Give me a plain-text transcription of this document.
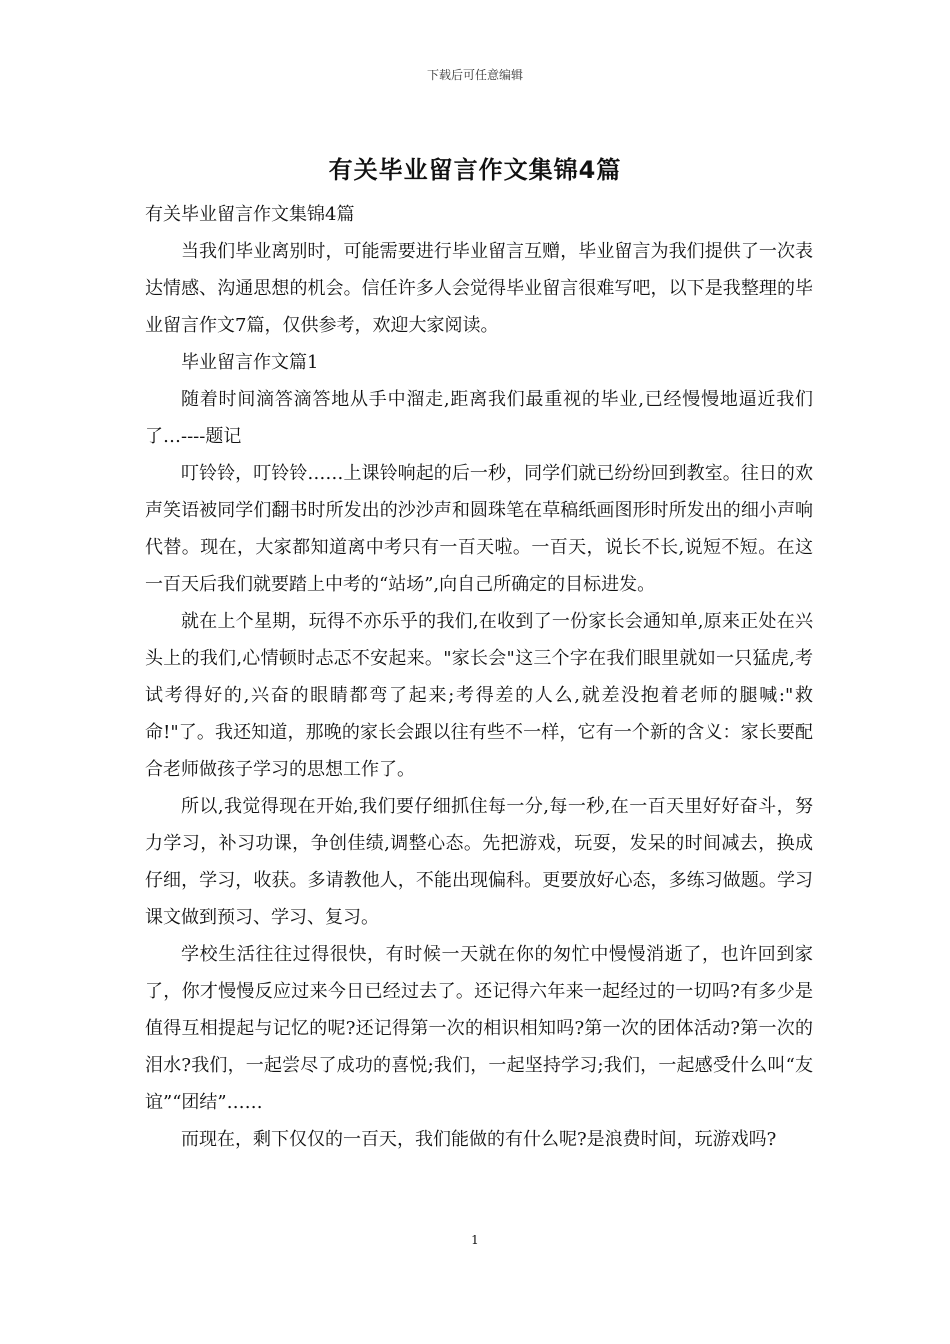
下载后可任意编辑
有关毕业留言作文集锦4篇

有关毕业留言作文集锦4篇

当我们毕业离别时，可能需要进行毕业留言互赠，毕业留言为我们提供了一次表达情感、沟通思想的机会。信任许多人会觉得毕业留言很难写吧，以下是我整理的毕业留言作文7篇，仅供参考，欢迎大家阅读。

毕业留言作文篇1

随着时间滴答滴答地从手中溜走,距离我们最重视的毕业,已经慢慢地逼近我们了…----题记

叮铃铃，叮铃铃……上课铃响起的后一秒，同学们就已纷纷回到教室。往日的欢声笑语被同学们翻书时所发出的沙沙声和圆珠笔在草稿纸画图形时所发出的细小声响代替。现在，大家都知道离中考只有一百天啦。一百天，说长不长,说短不短。在这一百天后我们就要踏上中考的“站场”,向自己所确定的目标进发。

就在上个星期，玩得不亦乐乎的我们,在收到了一份家长会通知单,原来正处在兴头上的我们,心情顿时忐忑不安起来。"家长会"这三个字在我们眼里就如一只猛虎,考试考得好的,兴奋的眼睛都弯了起来;考得差的人么,就差没抱着老师的腿喊:"救命!"了。我还知道，那晚的家长会跟以往有些不一样，它有一个新的含义：家长要配合老师做孩子学习的思想工作了。

所以,我觉得现在开始,我们要仔细抓住每一分,每一秒,在一百天里好好奋斗，努力学习，补习功课，争创佳绩,调整心态。先把游戏，玩耍，发呆的时间减去，换成仔细，学习，收获。多请教他人，不能出现偏科。更要放好心态，多练习做题。学习课文做到预习、学习、复习。

学校生活往往过得很快，有时候一天就在你的匆忙中慢慢消逝了，也许回到家了，你才慢慢反应过来今日已经过去了。还记得六年来一起经过的一切吗?有多少是值得互相提起与记忆的呢?还记得第一次的相识相知吗?第一次的团体活动?第一次的泪水?我们，一起尝尽了成功的喜悦;我们，一起坚持学习;我们，一起感受什么叫“友谊”“团结”……

而现在，剩下仅仅的一百天，我们能做的有什么呢?是浪费时间，玩游戏吗?

1
